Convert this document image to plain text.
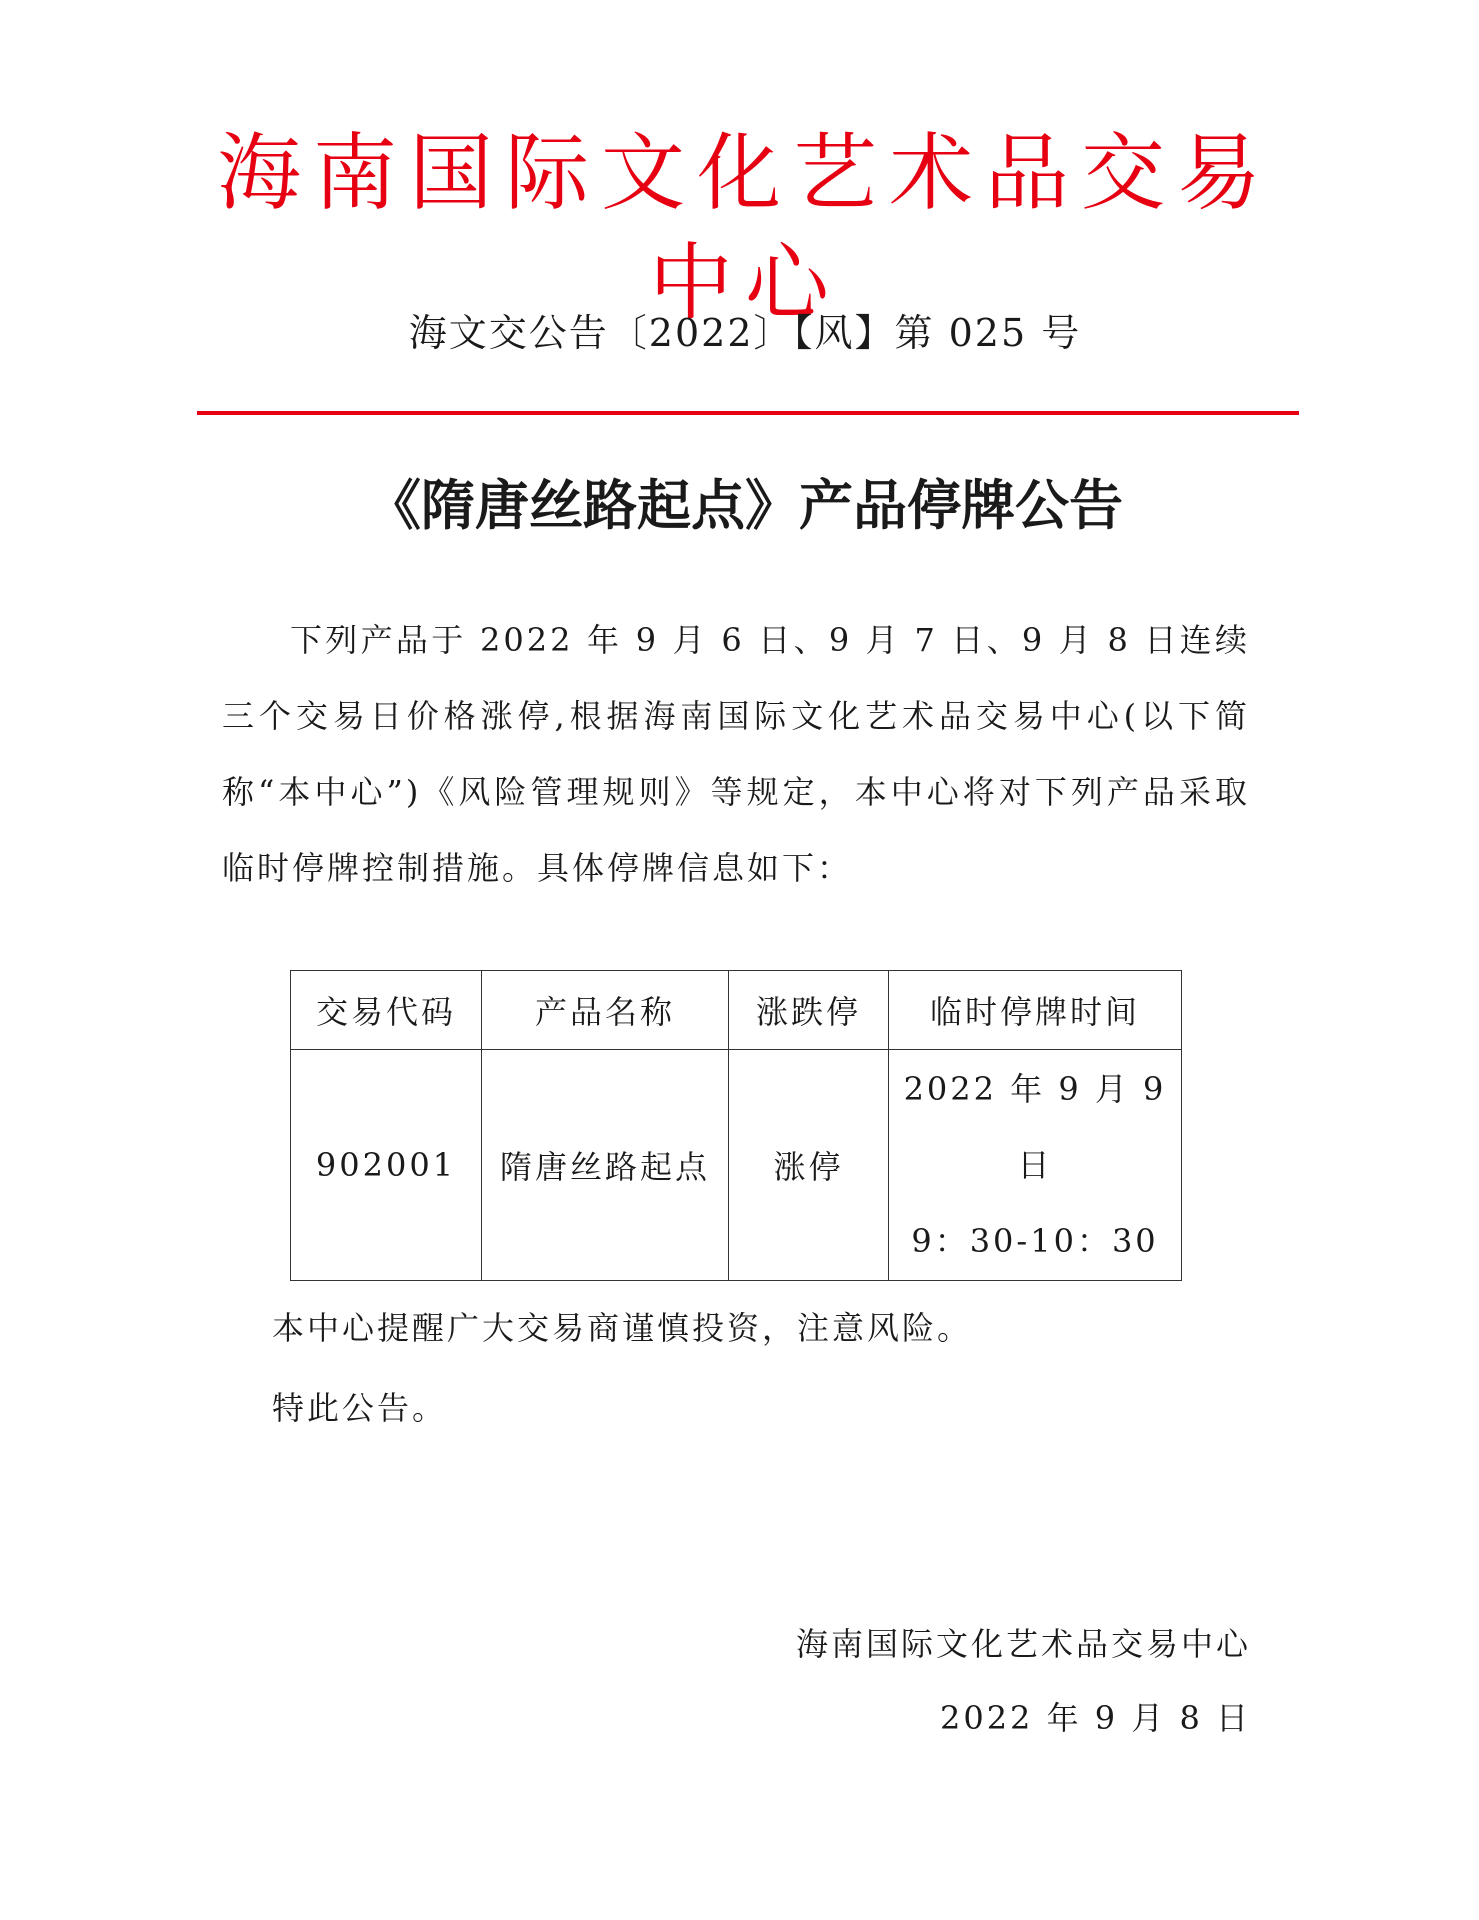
海南国际文化艺术品交易中心
海文交公告〔2022〕【风】第 025 号
《隋唐丝路起点》产品停牌公告

下列产品于 2022 年 9 月 6 日、9 月 7 日、9 月 8 日连续三个交易日价格涨停,根据海南国际文化艺术品交易中心(以下简称“本中心”)《风险管理规则》等规定，本中心将对下列产品采取临时停牌控制措施。具体停牌信息如下：

交易代码	产品名称	涨跌停	临时停牌时间
902001	隋唐丝路起点	涨停	2022 年 9 月 9 日
9：30-10：30
本中心提醒广大交易商谨慎投资，注意风险。
特此公告。
海南国际文化艺术品交易中心
2022 年 9 月 8 日
